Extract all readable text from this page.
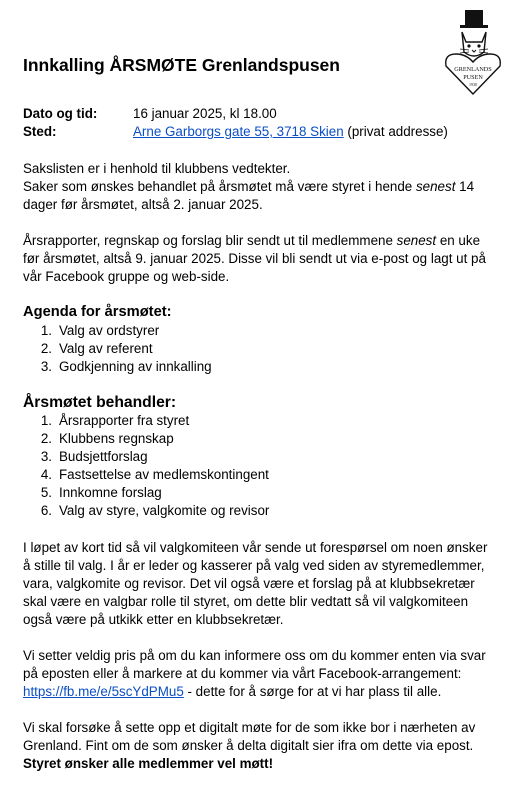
GRENLANDS
PUSEN
1930
Innkalling ÅRSMØTE Grenlandspusen
Dato og tid:	16 januar 2025, kl 18.00
Sted:	Arne Garborgs gate 55, 3718 Skien (privat addresse)

Sakslisten er i henhold til klubbens vedtekter.
Saker som ønskes behandlet på årsmøtet må være styret i hende senest 14
dager før årsmøtet, altså 2. januar 2025.

Årsrapporter, regnskap og forslag blir sendt ut til medlemmene senest en uke
før årsmøtet, altså 9. januar 2025. Disse vil bli sendt ut via e-post og lagt ut på
vår Facebook gruppe og web-side.

Agenda for årsmøtet:
1. Valg av ordstyrer
2. Valg av referent
3. Godkjenning av innkalling
Årsmøtet behandler:
1. Årsrapporter fra styret
2. Klubbens regnskap
3. Budsjettforslag
4. Fastsettelse av medlemskontingent
5. Innkomne forslag
6. Valg av styre, valgkomite og revisor

I løpet av kort tid så vil valgkomiteen vår sende ut forespørsel om noen ønsker
å stille til valg. I år er leder og kasserer på valg ved siden av styremedlemmer,
vara, valgkomite og revisor. Det vil også være et forslag på at klubbsekretær
skal være en valgbar rolle til styret, om dette blir vedtatt så vil valgkomiteen
også være på utkikk etter en klubbsekretær.

Vi setter veldig pris på om du kan informere oss om du kommer enten via svar
på eposten eller å markere at du kommer via vårt Facebook-arrangement:
https://fb.me/e/5scYdPMu5 - dette for å sørge for at vi har plass til alle.

Vi skal forsøke å sette opp et digitalt møte for de som ikke bor i nærheten av
Grenland. Fint om de som ønsker å delta digitalt sier ifra om dette via epost.
Styret ønsker alle medlemmer vel møtt!
